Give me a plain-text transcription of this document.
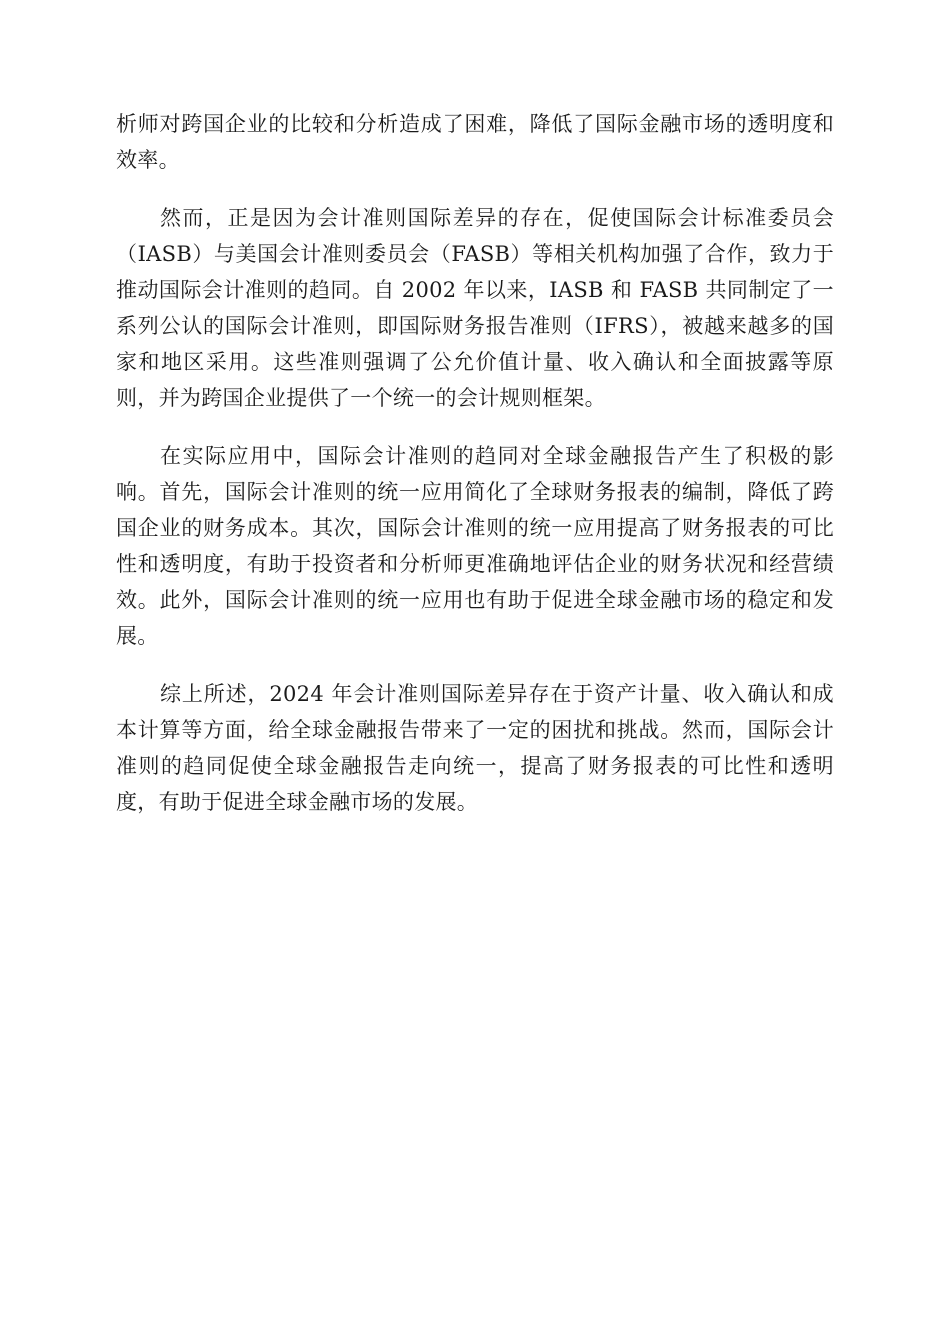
析师对跨国企业的比较和分析造成了困难，降低了国际金融市场的透明度和效率。

然而，正是因为会计准则国际差异的存在，促使国际会计标准委员会（IASB）与美国会计准则委员会（FASB）等相关机构加强了合作，致力于推动国际会计准则的趋同。自 2002 年以来，IASB 和 FASB 共同制定了一系列公认的国际会计准则，即国际财务报告准则（IFRS），被越来越多的国家和地区采用。这些准则强调了公允价值计量、收入确认和全面披露等原则，并为跨国企业提供了一个统一的会计规则框架。

在实际应用中，国际会计准则的趋同对全球金融报告产生了积极的影响。首先，国际会计准则的统一应用简化了全球财务报表的编制，降低了跨国企业的财务成本。其次，国际会计准则的统一应用提高了财务报表的可比性和透明度，有助于投资者和分析师更准确地评估企业的财务状况和经营绩效。此外，国际会计准则的统一应用也有助于促进全球金融市场的稳定和发展。

综上所述，2024 年会计准则国际差异存在于资产计量、收入确认和成本计算等方面，给全球金融报告带来了一定的困扰和挑战。然而，国际会计准则的趋同促使全球金融报告走向统一，提高了财务报表的可比性和透明度，有助于促进全球金融市场的发展。
